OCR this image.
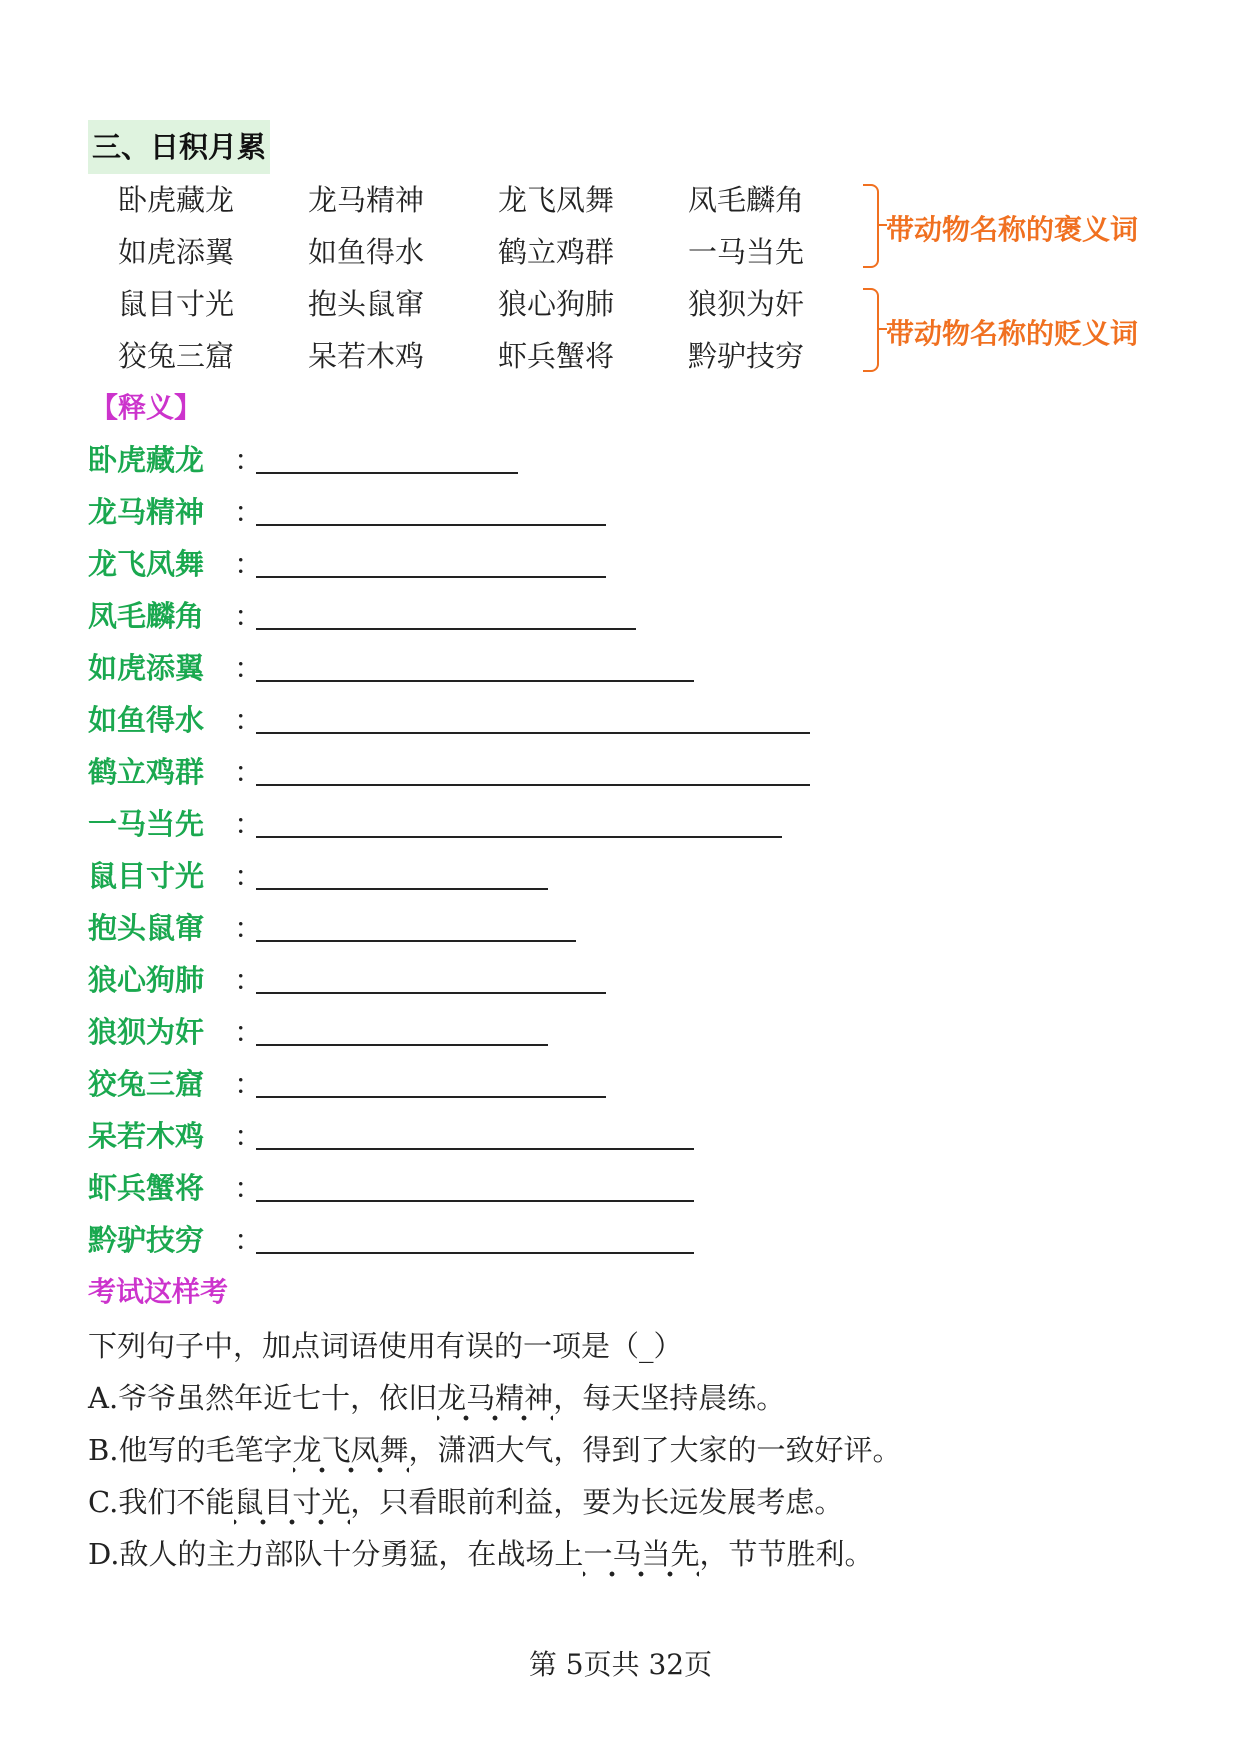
三、日积月累
卧虎藏龙	龙马精神	龙飞凤舞	凤毛麟角
如虎添翼	如鱼得水	鹤立鸡群	一马当先
鼠目寸光	抱头鼠窜	狼心狗肺	狼狈为奸
狡兔三窟	呆若木鸡	虾兵蟹将	黔驴技穷
带动物名称的褒义词
带动物名称的贬义词
【释义】
卧虎藏龙	：
龙马精神	：
龙飞凤舞	：
凤毛麟角	：
如虎添翼	：
如鱼得水	：
鹤立鸡群	：
一马当先	：
鼠目寸光	：
抱头鼠窜	：
狼心狗肺	：
狼狈为奸	：
狡兔三窟	：
呆若木鸡	：
虾兵蟹将	：
黔驴技穷	：
考试这样考
下列句子中，加点词语使用有误的一项是（_）
A.爷爷虽然年近七十，依旧龙马精神，每天坚持晨练。
B.他写的毛笔字龙飞凤舞，潇洒大气，得到了大家的一致好评。
C.我们不能鼠目寸光，只看眼前利益，要为长远发展考虑。
D.敌人的主力部队十分勇猛，在战场上一马当先，节节胜利。
第 5页共 32页
